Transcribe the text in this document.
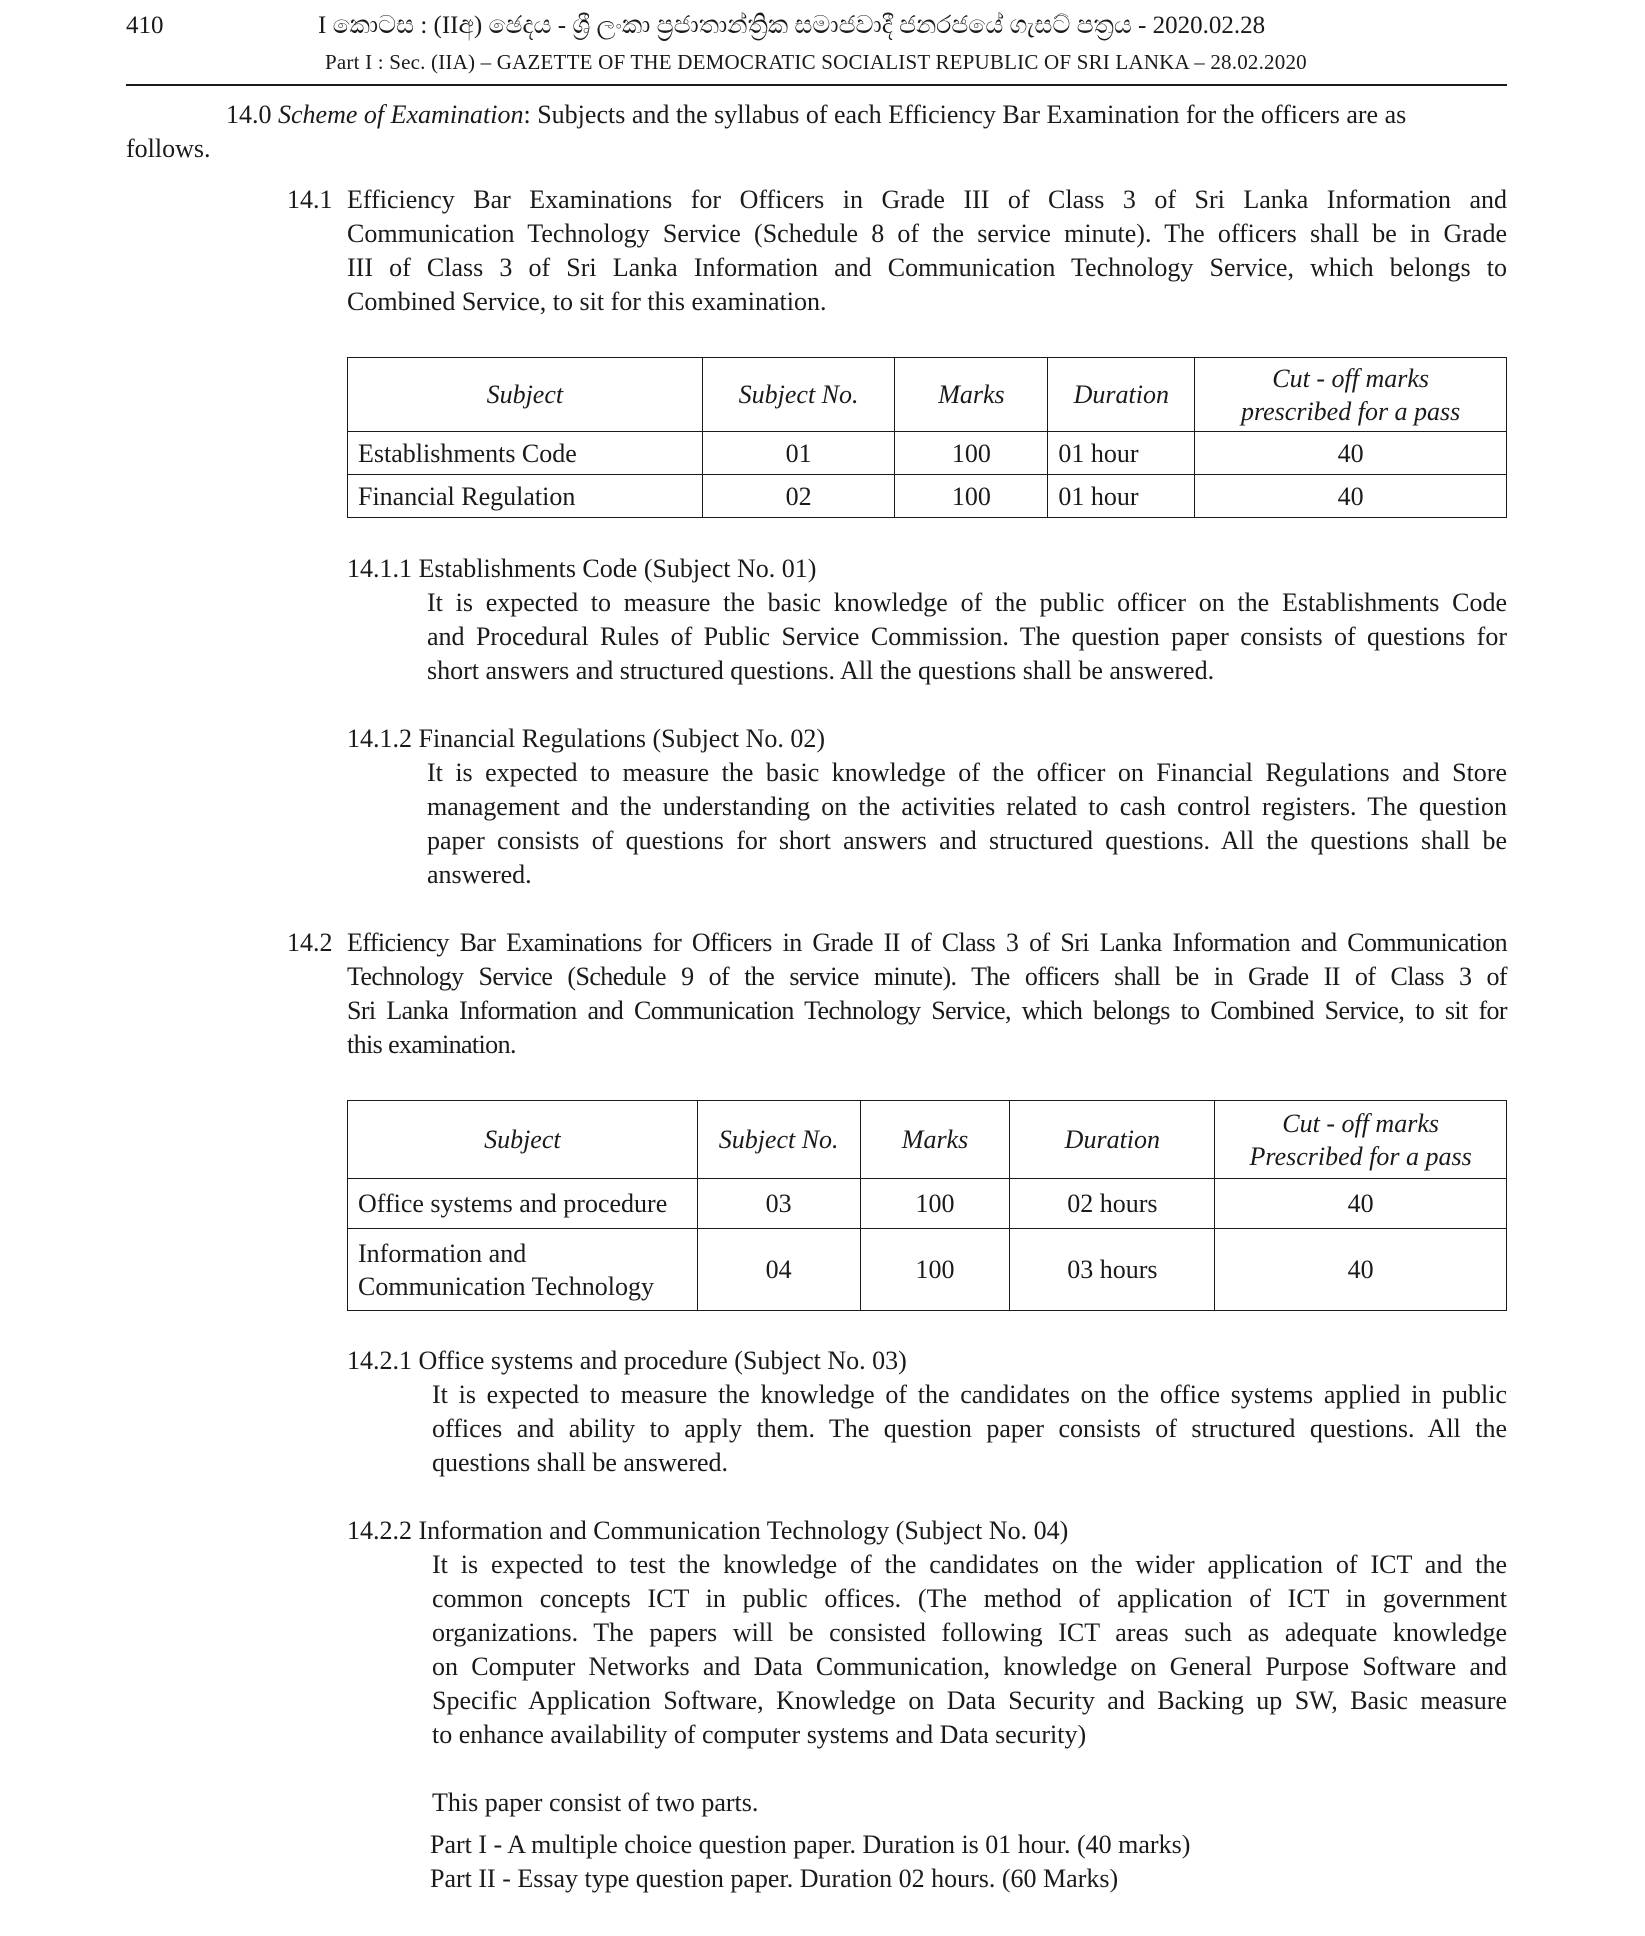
410	I කොටස : (IIඅ) ඡෙදය - ශ්‍රී ලංකා ප්‍රජාතාන්ත්‍රික සමාජවාදී ජනරජයේ ගැසට් පත්‍රය - 2020.02.28
Part I : Sec. (IIA) – GAZETTE OF THE DEMOCRATIC SOCIALIST REPUBLIC OF SRI LANKA – 28.02.2020
14.0 Scheme of Examination: Subjects and the syllabus of each Efficiency Bar Examination for the officers are as
follows.
14.1 Efficiency Bar Examinations for Officers in Grade III of Class 3 of Sri Lanka Information and

Communication Technology Service (Schedule 8 of the service minute). The officers shall be in Grade

III of Class 3 of Sri Lanka Information and Communication Technology Service, which belongs to

Combined Service, to sit for this examination.

Subject	Subject No.	Marks	Duration	Cut - off marks
prescribed for a pass

Establishments Code	01	100	01 hour	40
Financial Regulation	02	100	01 hour	40
14.1.1 Establishments Code (Subject No. 01)

It is expected to measure the basic knowledge of the public officer on the Establishments Code

and Procedural Rules of Public Service Commission. The question paper consists of questions for

short answers and structured questions. All the questions shall be answered.

14.1.2 Financial Regulations (Subject No. 02)

It is expected to measure the basic knowledge of the officer on Financial Regulations and Store

management and the understanding on the activities related to cash control registers. The question

paper consists of questions for short answers and structured questions. All the questions shall be

answered.

14.2 Efficiency Bar Examinations for Officers in Grade II of Class 3 of Sri Lanka Information and Communication

Technology Service (Schedule 9 of the service minute). The officers shall be in Grade II of Class 3 of

Sri Lanka Information and Communication Technology Service, which belongs to Combined Service, to sit for

this examination.

Subject	Subject No.	Marks	Duration	Cut - off marks
Prescribed for a pass

Office systems and procedure	03	100	02 hours	40

Information and
Communication Technology	04	100	03 hours	40
14.2.1 Office systems and procedure (Subject No. 03)

It is expected to measure the knowledge of the candidates on the office systems applied in public

offices and ability to apply them. The question paper consists of structured questions. All the

questions shall be answered.

14.2.2 Information and Communication Technology (Subject No. 04)

It is expected to test the knowledge of the candidates on the wider application of ICT and the

common concepts ICT in public offices. (The method of application of ICT in government

organizations. The papers will be consisted following ICT areas such as adequate knowledge

on Computer Networks and Data Communication, knowledge on General Purpose Software and

Specific Application Software, Knowledge on Data Security and Backing up SW, Basic measure

to enhance availability of computer systems and Data security)

This paper consist of two parts.
Part I - A multiple choice question paper. Duration is 01 hour. (40 marks)
Part II - Essay type question paper. Duration 02 hours. (60 Marks)
